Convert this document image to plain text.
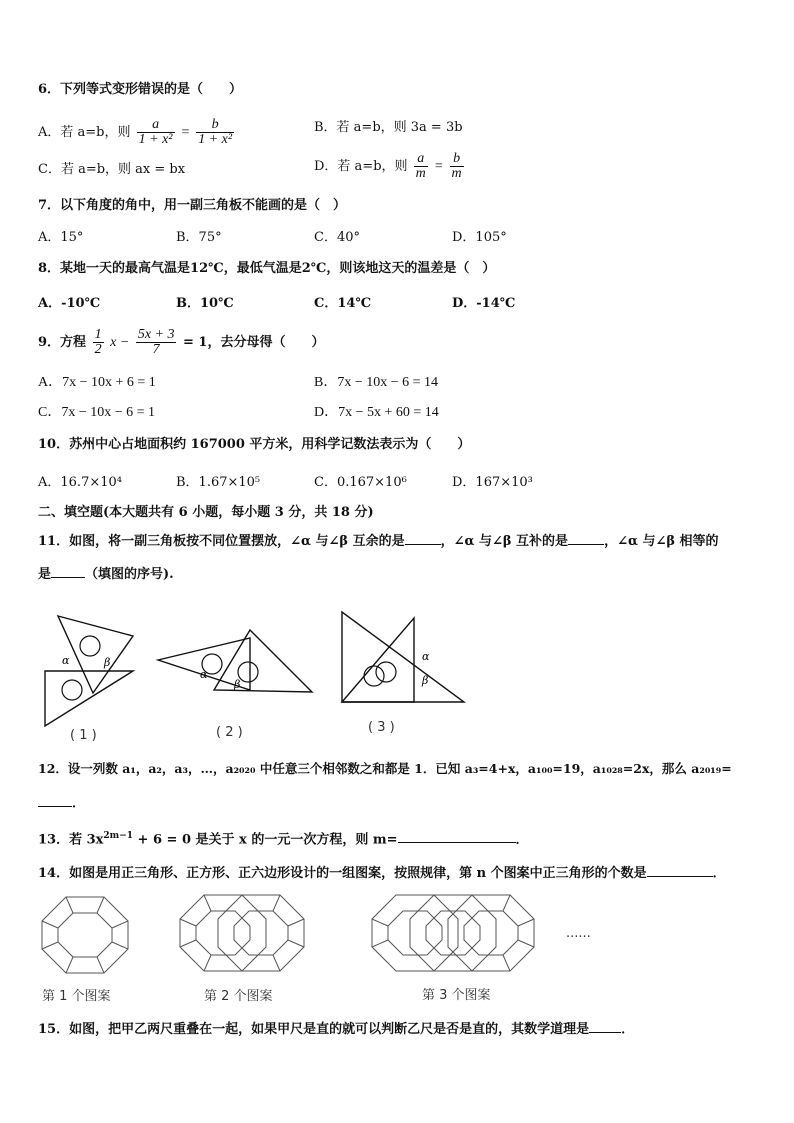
6．下列等式变形错误的是（　　）
A．若 a=b，则 $\frac{a}{\text{1 + x²}} = \frac{b}{\text{1 + x²}}$	B．若 a=b，则 3a = 3b
C．若 a=b，则 ax = bx	D．若 a=b，则 $\frac{a}{m} = \frac{b}{m}$
7．以下角度的角中，用一副三角板不能画的是（　）
A．15°	B．75°	C．40°	D．105°
8．某地一天的最高气温是12℃，最低气温是2℃，则该地这天的温差是（　）
A．-10℃	B．10℃	C．14℃	D．-14℃
9．方程 $\frac{1}{2}$ $x - \frac{5x + 3}{7} = 1$，去分母得（　　）
A．7x − 10x + 6 = 1	B．7x − 10x − 6 = 14
C．7x − 10x − 6 = 1	D．7x − 5x + 60 = 14
10．苏州中心占地面积约 167000 平方米，用科学记数法表示为（　　）
A．16.7×10⁴	B．1.67×10⁵	C．0.167×10⁶	D．167×10³
二、填空题(本大题共有 6 小题，每小题 3 分，共 18 分)
11．如图，将一副三角板按不同位置摆放，∠α 与∠β 互余的是	，∠α 与∠β 互补的是	，∠α 与∠β 相等的
是	（填图的序号).
α	β
( 1 )
α
β
( 2 )
α
β
( 3 )
12．设一列数 a₁，a₂，a₃，…，a₂₀₂₀ 中任意三个相邻数之和都是 1．已知 a₃=4+x，a₁₀₀=19，a₁₀₂₈=2x，那么 a₂₀₁₉=
．
13．若 $3x^{2m-1} + 6 = 0$ 是关于 x 的一元一次方程，则 m=	．
14．如图是用正三角形、正方形、正六边形设计的一组图案，按照规律，第 n 个图案中正三角形的个数是	．
第 1 个图案	第 2 个图案
......
第 3 个图案
15．如图，把甲乙两尺重叠在一起，如果甲尺是直的就可以判断乙尺是否是直的，其数学道理是 ．
